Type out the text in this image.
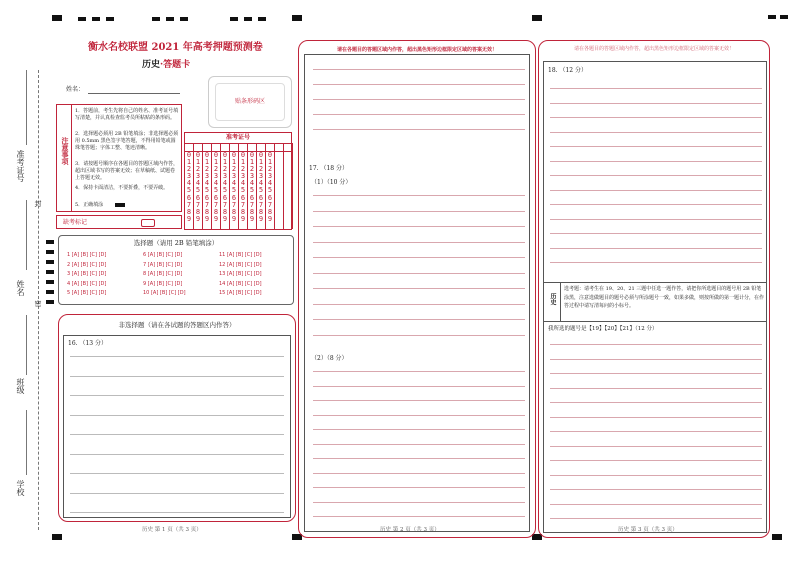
准考证号
封
姓名
密
班级
学校
衡水名校联盟 2021 年高考押题预测卷
历史·答题卡
姓名：
贴条形码区
注意事项
1．答题前，考生先将自己的姓名、准考证号填写清楚，并认真检查监考员所粘贴的条形码。
2．选择题必须用 2B 铅笔填涂；非选择题必须用 0.5mm 黑色签字笔答题，不得用铅笔或圆珠笔答题；字体工整、笔迹清晰。
3．请按题号顺序在各题目的答题区域内作答，超出区域书写的答案无效；在草稿纸、试题卷上答题无效。
4．保持卡面清洁，不要折叠，不要弄破。
5．正确填涂
缺考标记
准考证号
0
1
2
3
4
5
6
7
8
9
0
1
2
3
4
5
6
7
8
9
0
1
2
3
4
5
6
7
8
9
0
1
2
3
4
5
6
7
8
9
0
1
2
3
4
5
6
7
8
9
0
1
2
3
4
5
6
7
8
9
0
1
2
3
4
5
6
7
8
9
0
1
2
3
4
5
6
7
8
9
0
1
2
3
4
5
6
7
8
9
0
1
2
3
4
5
6
7
8
9
选择题（请用 2B 铅笔填涂）
1 [A] [B] [C] [D]
2 [A] [B] [C] [D]
3 [A] [B] [C] [D]
4 [A] [B] [C] [D]
5 [A] [B] [C] [D]
6 [A] [B] [C] [D]
7 [A] [B] [C] [D]
8 [A] [B] [C] [D]
9 [A] [B] [C] [D]
10 [A] [B] [C] [D]
11 [A] [B] [C] [D]
12 [A] [B] [C] [D]
13 [A] [B] [C] [D]
14 [A] [B] [C] [D]
15 [A] [B] [C] [D]
非选择题（请在各试题的答题区内作答）
16. （13 分）
历史 第 1 页（共 3 页）
请在各题目的答题区域内作答，超出黑色矩形边框限定区域的答案无效！
17. （18 分）
（1）（10 分）
（2）（8 分）
历史 第 2 页（共 3 页）
请在各题目的答题区域内作答，超出黑色矩形边框限定区域的答案无效！
18. （12 分）
历史
选考题：请考生在 19、20、21 三题中任选一题作答，请把你所选题目的题号用 2B 铅笔涂黑，注意选做题目的题号必须与所涂题号一致，如果多做，则按所做的第一题计分，在作答过程中请写清每问的小标号。
我所选的题号是【19】【20】【21】（12 分）
历史 第 3 页（共 3 页）
